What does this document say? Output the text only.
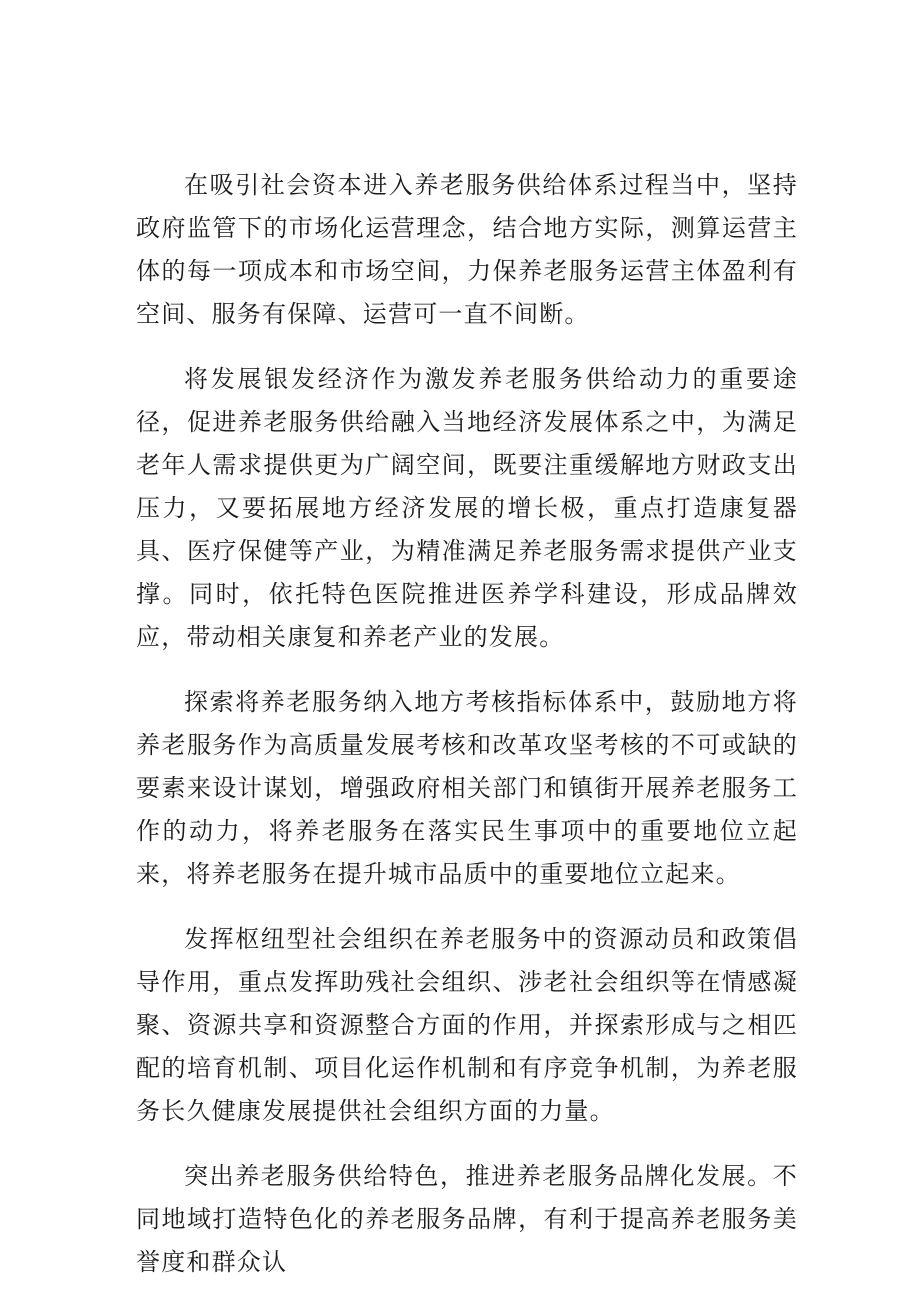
在吸引社会资本进入养老服务供给体系过程当中，坚持政府监管下的市场化运营理念，结合地方实际，测算运营主体的每一项成本和市场空间，力保养老服务运营主体盈利有空间、服务有保障、运营可一直不间断。

将发展银发经济作为激发养老服务供给动力的重要途径，促进养老服务供给融入当地经济发展体系之中，为满足老年人需求提供更为广阔空间，既要注重缓解地方财政支出压力，又要拓展地方经济发展的增长极，重点打造康复器具、医疗保健等产业，为精准满足养老服务需求提供产业支撑。同时，依托特色医院推进医养学科建设，形成品牌效应，带动相关康复和养老产业的发展。

探索将养老服务纳入地方考核指标体系中，鼓励地方将养老服务作为高质量发展考核和改革攻坚考核的不可或缺的要素来设计谋划，增强政府相关部门和镇街开展养老服务工作的动力，将养老服务在落实民生事项中的重要地位立起来，将养老服务在提升城市品质中的重要地位立起来。

发挥枢纽型社会组织在养老服务中的资源动员和政策倡导作用，重点发挥助残社会组织、涉老社会组织等在情感凝聚、资源共享和资源整合方面的作用，并探索形成与之相匹配的培育机制、项目化运作机制和有序竞争机制，为养老服务长久健康发展提供社会组织方面的力量。

突出养老服务供给特色，推进养老服务品牌化发展。不同地域打造特色化的养老服务品牌，有利于提高养老服务美誉度和群众认
